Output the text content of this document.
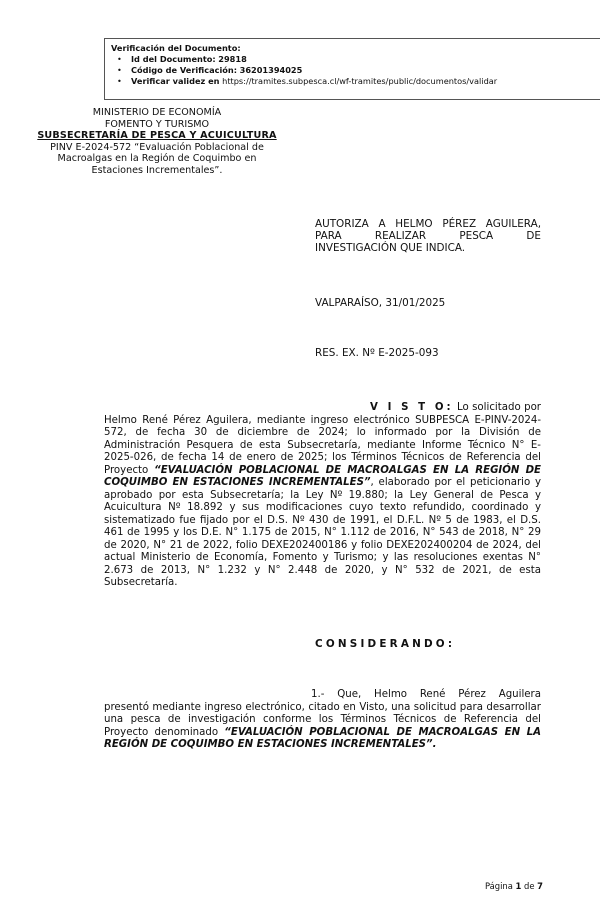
Verificación del Documento:
• Id del Documento: 29818
• Código de Verificación: 36201394025
• Verificar validez en https://tramites.subpesca.cl/wf-tramites/public/documentos/validar
MINISTERIO DE ECONOMÍA
FOMENTO Y TURISMO
SUBSECRETARÍA DE PESCA Y ACUICULTURA
PINV E-2024-572 “Evaluación Poblacional de
Macroalgas en la Región de Coquimbo en
Estaciones Incrementales”.
AUTORIZA A HELMO PÉREZ AGUILERA,
PARA REALIZAR PESCA DE
INVESTIGACIÓN QUE INDICA.
VALPARAÍSO, 31/01/2025
RES. EX. Nº E-2025-093
V I S T O: Lo solicitado por Helmo René Pérez Aguilera, mediante ingreso electrónico SUBPESCA E-PINV-2024-572, de fecha 30 de diciembre de 2024; lo informado por la División de Administración Pesquera de esta Subsecretaría, mediante Informe Técnico N° E-2025-026, de fecha 14 de enero de 2025; los Términos Técnicos de Referencia del Proyecto “EVALUACIÓN POBLACIONAL DE MACROALGAS EN LA REGIÓN DE COQUIMBO EN ESTACIONES INCREMENTALES”, elaborado por el peticionario y aprobado por esta Subsecretaría; la Ley Nº 19.880; la Ley General de Pesca y Acuicultura Nº 18.892 y sus modificaciones cuyo texto refundido, coordinado y sistematizado fue fijado por el D.S. Nº 430 de 1991, el D.F.L. Nº 5 de 1983, el D.S. 461 de 1995 y los D.E. N° 1.175 de 2015, N° 1.112 de 2016, N° 543 de 2018, N° 29 de 2020, N° 21 de 2022, folio DEXE202400186 y folio DEXE202400204 de 2024, del actual Ministerio de Economía, Fomento y Turismo; y las resoluciones exentas N° 2.673 de 2013, N° 1.232 y N° 2.448 de 2020, y N° 532 de 2021, de esta Subsecretaría.
CONSIDERANDO:
1.- Que, Helmo René Pérez Aguilera presentó mediante ingreso electrónico, citado en Visto, una solicitud para desarrollar una pesca de investigación conforme los Términos Técnicos de Referencia del Proyecto denominado “EVALUACIÓN POBLACIONAL DE MACROALGAS EN LA REGIÓN DE COQUIMBO EN ESTACIONES INCREMENTALES”.
Página 1 de 7
